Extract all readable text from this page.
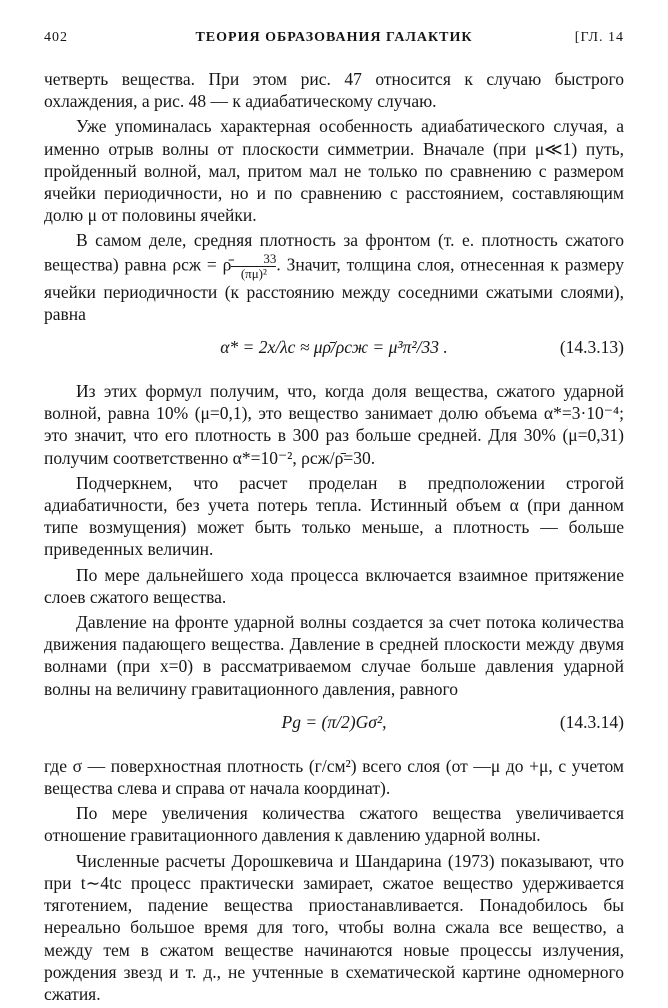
402	ТЕОРИЯ ОБРАЗОВАНИЯ ГАЛАКТИК	[ГЛ. 14

четверть вещества. При этом рис. 47 относится к случаю быстрого охлаждения, а рис. 48 — к адиабатическому случаю.

Уже упоминалась характерная особенность адиабатического случая, а именно отрыв волны от плоскости симметрии. Вначале (при μ≪1) путь, пройденный волной, мал, притом мал не только по сравнению с размером ячейки периодичности, но и по сравнению с расстоянием, составляющим долю μ от половины ячейки.

В самом деле, средняя плотность за фронтом (т. е. плотность сжатого вещества) равна ρсж = ρ̄ $\frac{33}{\text{(πμ)²}}$. Значит, толщина слоя, отнесенная к размеру ячейки периодичности (к расстоянию между соседними сжатыми слоями), равна

α* = 2x/λc ≈ μρ̄/ρсж = μ³π²/33 .	(14.3.13)

Из этих формул получим, что, когда доля вещества, сжатого ударной волной, равна 10% (μ=0,1), это вещество занимает долю объема α*=3·10⁻⁴; это значит, что его плотность в 300 раз больше средней. Для 30% (μ=0,31) получим соответственно α*=10⁻², ρсж/ρ̄=30.

Подчеркнем, что расчет проделан в предположении строгой адиабатичности, без учета потерь тепла. Истинный объем α (при данном типе возмущения) может быть только меньше, а плотность — больше приведенных величин.

По мере дальнейшего хода процесса включается взаимное притяжение слоев сжатого вещества.

Давление на фронте ударной волны создается за счет потока количества движения падающего вещества. Давление в средней плоскости между двумя волнами (при x=0) в рассматриваемом случае больше давления ударной волны на величину гравитационного давления, равного

Pg = (π/2)Gσ²,	(14.3.14)

где σ — поверхностная плотность (г/см²) всего слоя (от —μ до +μ, с учетом вещества слева и справа от начала координат).

По мере увеличения количества сжатого вещества увеличивается отношение гравитационного давления к давлению ударной волны.

Численные расчеты Дорошкевича и Шандарина (1973) показывают, что при t∼4tc процесс практически замирает, сжатое вещество удерживается тяготением, падение вещества приостанавливается. Понадобилось бы нереально большое время для того, чтобы волна сжала все вещество, а между тем в сжатом веществе начинаются новые процессы излучения, рождения звезд и т. д., не учтенные в схематической картине одномерного сжатия.
